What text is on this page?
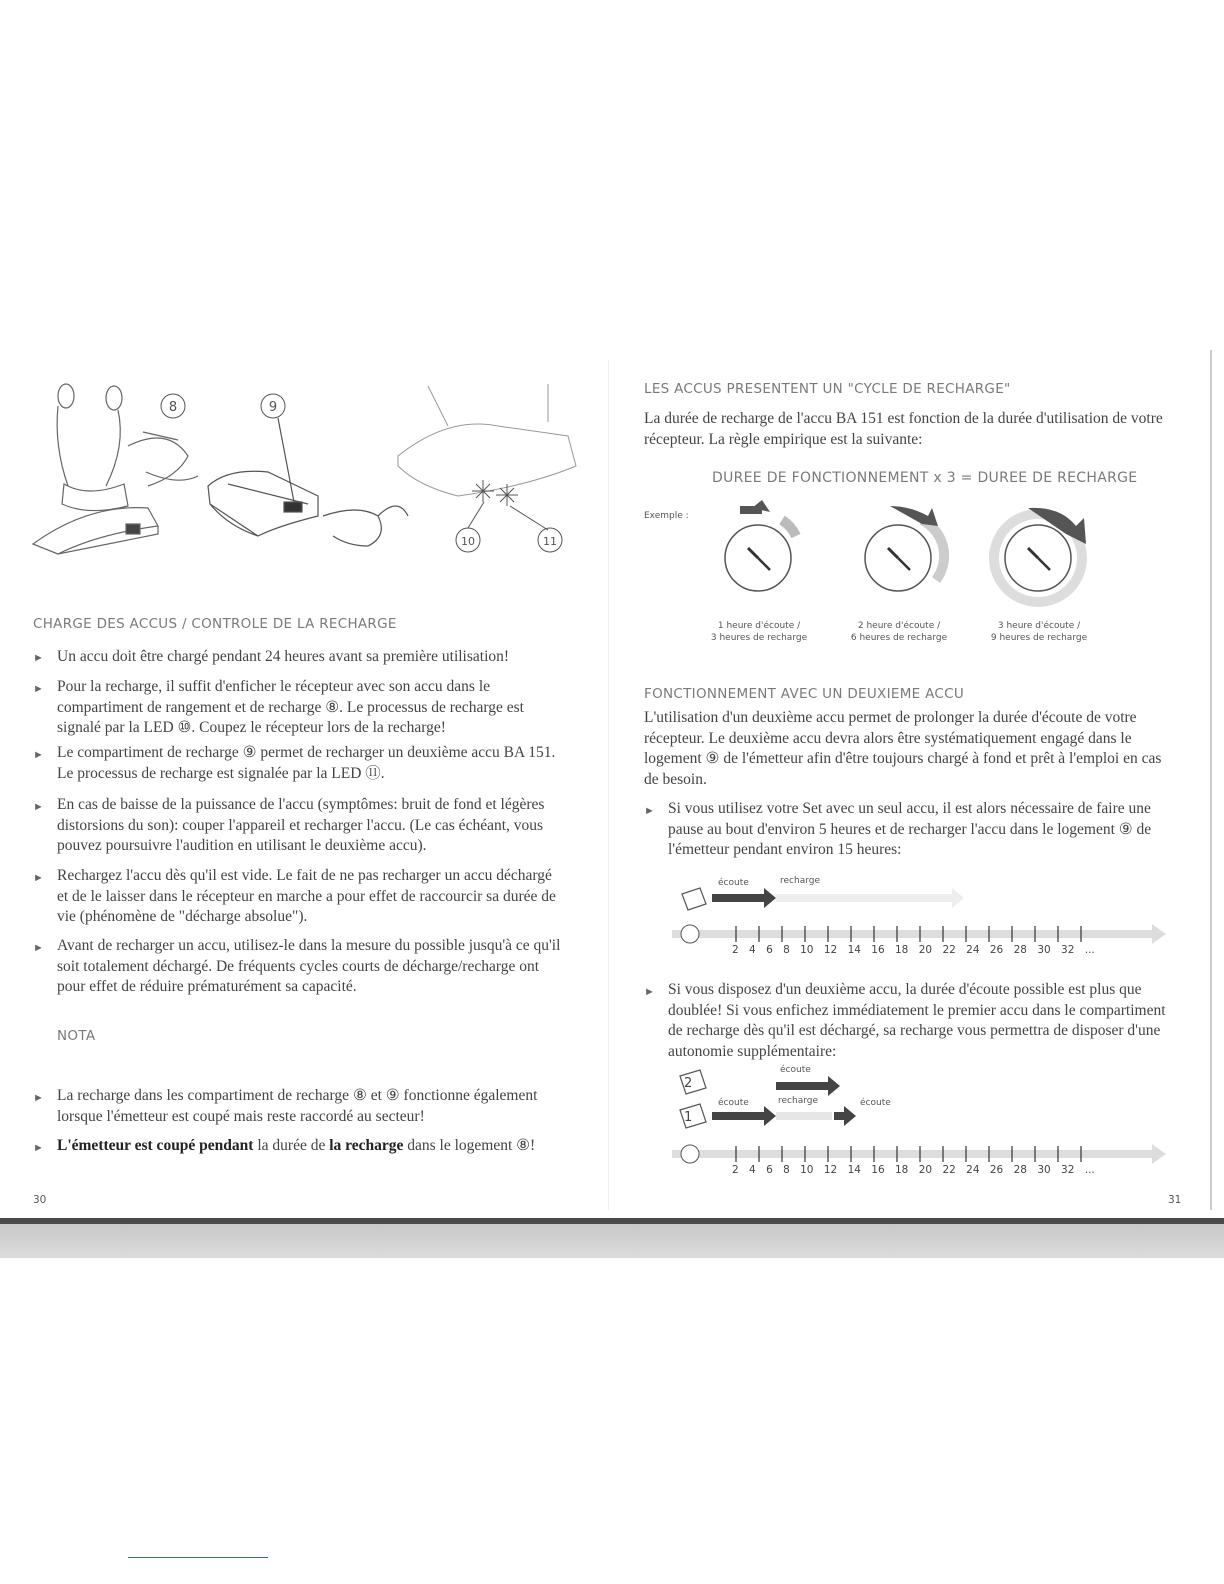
8	9
10	11
CHARGE DES ACCUS / CONTROLE DE LA RECHARGE
► Un accu doit être chargé pendant 24 heures avant sa première utilisation!
► Pour la recharge, il suffit d'enficher le récepteur avec son accu dans le compartiment de rangement et de recharge ⑧. Le processus de recharge est signalé par la LED ⑩. Coupez le récepteur lors de la recharge!
► Le compartiment de recharge ⑨ permet de recharger un deuxième accu BA 151. Le processus de recharge est signalée par la LED ⑪.
► En cas de baisse de la puissance de l'accu (symptômes: bruit de fond et légères distorsions du son): couper l'appareil et recharger l'accu. (Le cas échéant, vous pouvez poursuivre l'audition en utilisant le deuxième accu).
► Rechargez l'accu dès qu'il est vide. Le fait de ne pas recharger un accu déchargé et de le laisser dans le récepteur en marche a pour effet de raccourcir sa durée de vie (phénomène de "décharge absolue").
► Avant de recharger un accu, utilisez-le dans la mesure du possible jusqu'à ce qu'il soit totalement déchargé. De fréquents cycles courts de décharge/recharge ont pour effet de réduire prématurément sa capacité.
NOTA
► La recharge dans les compartiment de recharge ⑧ et ⑨ fonctionne également lorsque l'émetteur est coupé mais reste raccordé au secteur!
► L'émetteur est coupé pendant la durée de la recharge dans le logement ⑧!
30
LES ACCUS PRESENTENT UN "CYCLE DE RECHARGE"
La durée de recharge de l'accu BA 151 est fonction de la durée d'utilisation de votre récepteur. La règle empirique est la suivante:
DUREE DE FONCTIONNEMENT x 3 = DUREE DE RECHARGE
Exemple :
1 heure d'écoute /
3 heures de recharge
2 heure d'écoute /
6 heures de recharge
3 heure d'écoute /
9 heures de recharge
FONCTIONNEMENT AVEC UN DEUXIEME ACCU
L'utilisation d'un deuxième accu permet de prolonger la durée d'écoute de votre récepteur. Le deuxième accu devra alors être systématiquement engagé dans le logement ⑨ de l'émetteur afin d'être toujours chargé à fond et prêt à l'emploi en cas de besoin.
► Si vous utilisez votre Set avec un seul accu, il est alors nécessaire de faire une pause au bout d'environ 5 heures et de recharger l'accu dans le logement ⑨ de l'émetteur pendant environ 15 heures:
écoute	recharge
2 4 6 8 10 12 14 16 18 20 22 24 26 28 30 32 ...
► Si vous disposez d'un deuxième accu, la durée d'écoute possible est plus que doublée! Si vous enfichez immédiatement le premier accu dans le compartiment de recharge dès qu'il est déchargé, sa recharge vous permettra de disposer d'une autonomie supplémentaire:
écoute
écoute	recharge	écoute
2
1
2 4 6 8 10 12 14 16 18 20 22 24 26 28 30 32 ...
31
